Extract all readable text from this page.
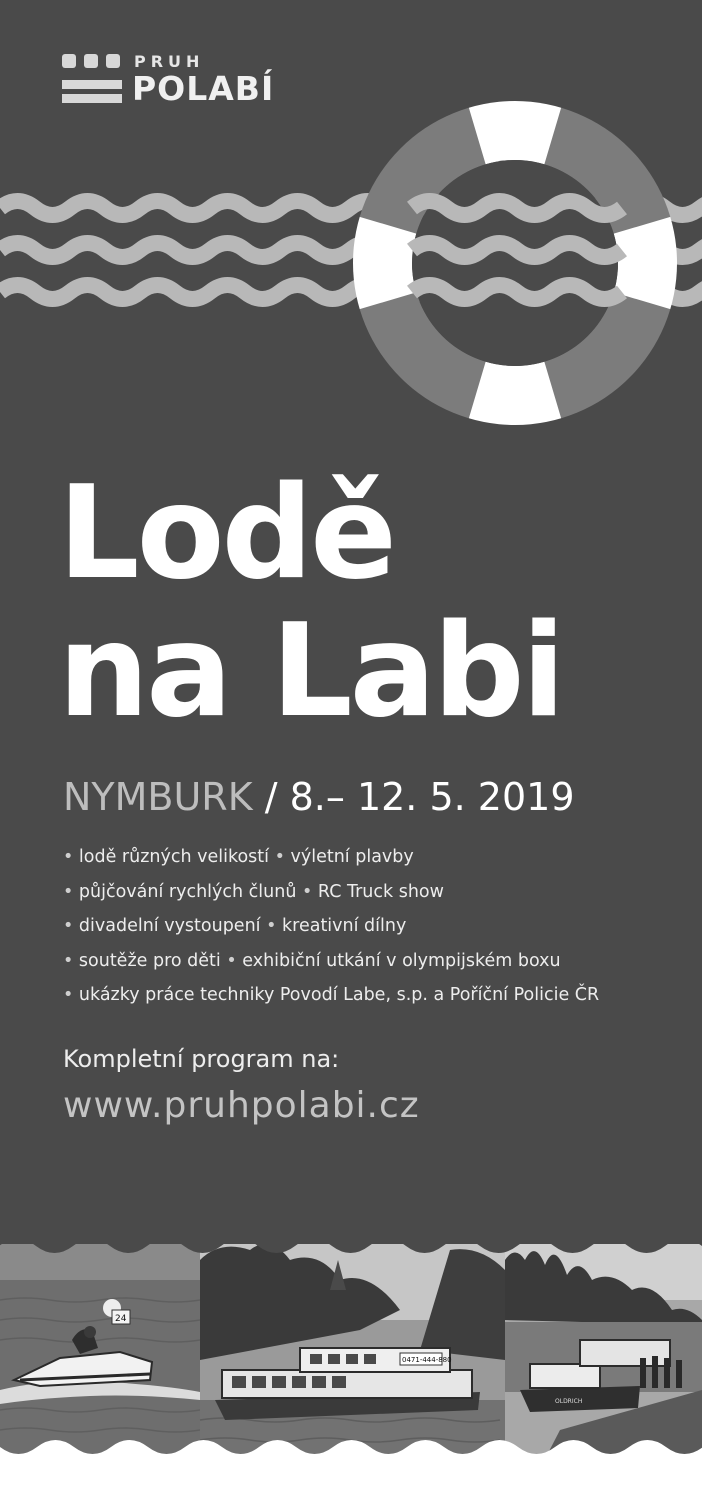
PRUH
POLABÍ
Lodě
na Labi
NYMBURK / 8.– 12. 5. 2019
• lodě různých velikostí • výletní plavby
• půjčování rychlých člunů • RC Truck show
• divadelní vystoupení • kreativní dílny
• soutěže pro děti • exhibiční utkání v olympijském boxu
• ukázky práce techniky Povodí Labe, s.p. a Poříční Policie ČR
Kompletní program na:
www.pruhpolabi.cz
24
0471-444-880
OLDRICH
